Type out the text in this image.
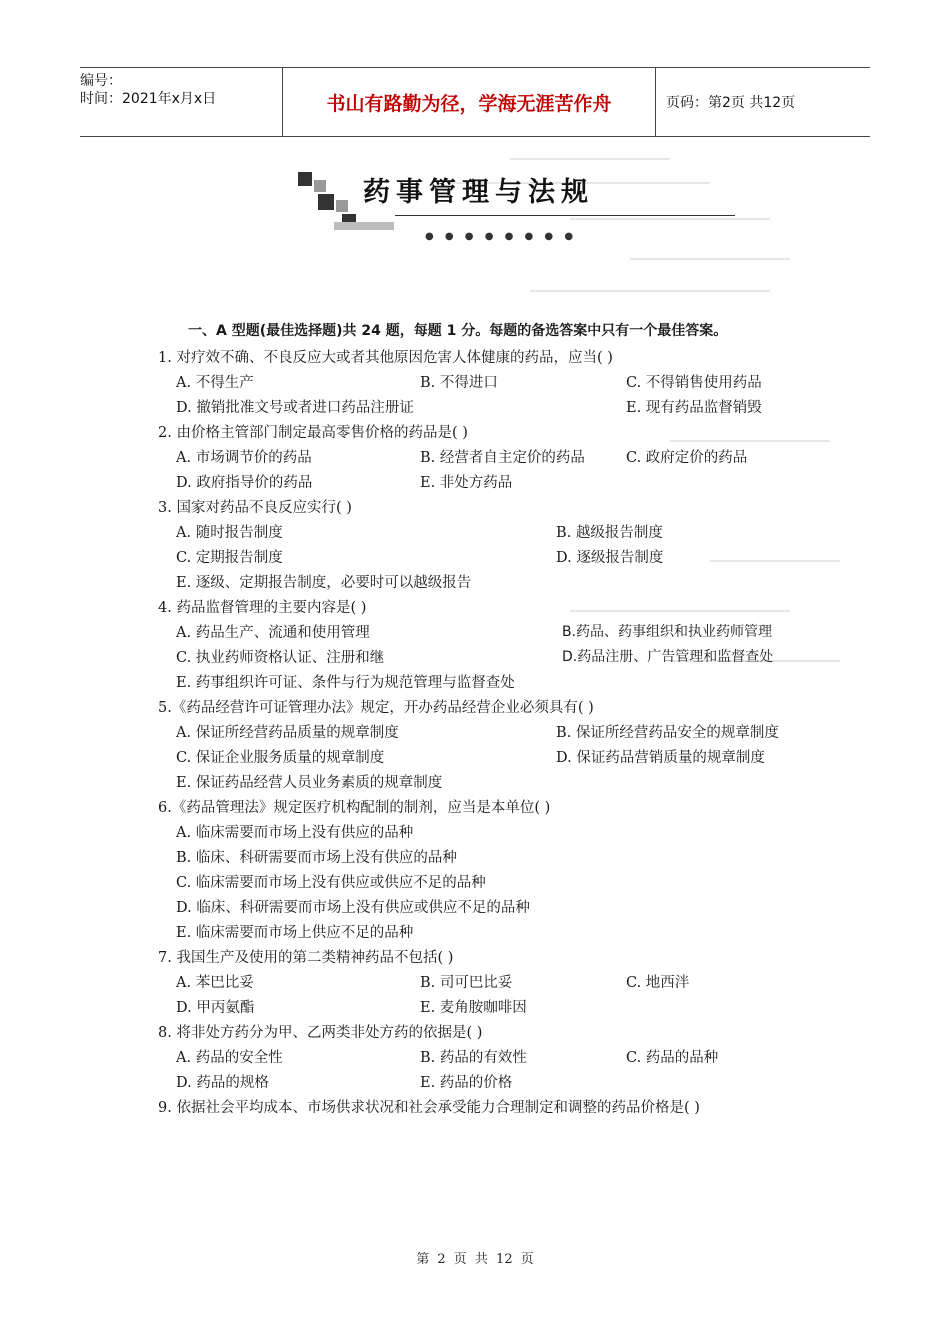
编号：
时间：2021年x月x日	书山有路勤为径，学海无涯苦作舟	页码：第2页 共12页
药事管理与法规
● ● ● ● ● ● ● ●
一、A 型题(最佳选择题)共 24 题，每题 1 分。每题的备选答案中只有一个最佳答案。
1. 对疗效不确、不良反应大或者其他原因危害人体健康的药品，应当( )
A. 不得生产	B. 不得进口	C. 不得销售使用药品
D. 撤销批准文号或者进口药品注册证	E. 现有药品监督销毁
2. 由价格主管部门制定最高零售价格的药品是( )
A. 市场调节价的药品	B. 经营者自主定价的药品	C. 政府定价的药品
D. 政府指导价的药品	E. 非处方药品
3. 国家对药品不良反应实行( )
A. 随时报告制度	B. 越级报告制度
C. 定期报告制度	D. 逐级报告制度
E. 逐级、定期报告制度，必要时可以越级报告
4. 药品监督管理的主要内容是( )
A. 药品生产、流通和使用管理	B.药品、药事组织和执业药师管理
C. 执业药师资格认证、注册和继	D.药品注册、广告管理和监督查处
E. 药事组织许可证、条件与行为规范管理与监督查处
5.《药品经营许可证管理办法》规定，开办药品经营企业必须具有( )
A. 保证所经营药品质量的规章制度	B. 保证所经营药品安全的规章制度
C. 保证企业服务质量的规章制度	D. 保证药品营销质量的规章制度
E. 保证药品经营人员业务素质的规章制度
6.《药品管理法》规定医疗机构配制的制剂，应当是本单位( )
A. 临床需要而市场上没有供应的品种
B. 临床、科研需要而市场上没有供应的品种
C. 临床需要而市场上没有供应或供应不足的品种
D. 临床、科研需要而市场上没有供应或供应不足的品种
E. 临床需要而市场上供应不足的品种
7. 我国生产及使用的第二类精神药品不包括( )
A. 苯巴比妥	B. 司可巴比妥	C. 地西泮
D. 甲丙氨酯	E. 麦角胺咖啡因
8. 将非处方药分为甲、乙两类非处方药的依据是( )
A. 药品的安全性	B. 药品的有效性	C. 药品的品种
D. 药品的规格	E. 药品的价格
9. 依据社会平均成本、市场供求状况和社会承受能力合理制定和调整的药品价格是( )
第 2 页 共 12 页
